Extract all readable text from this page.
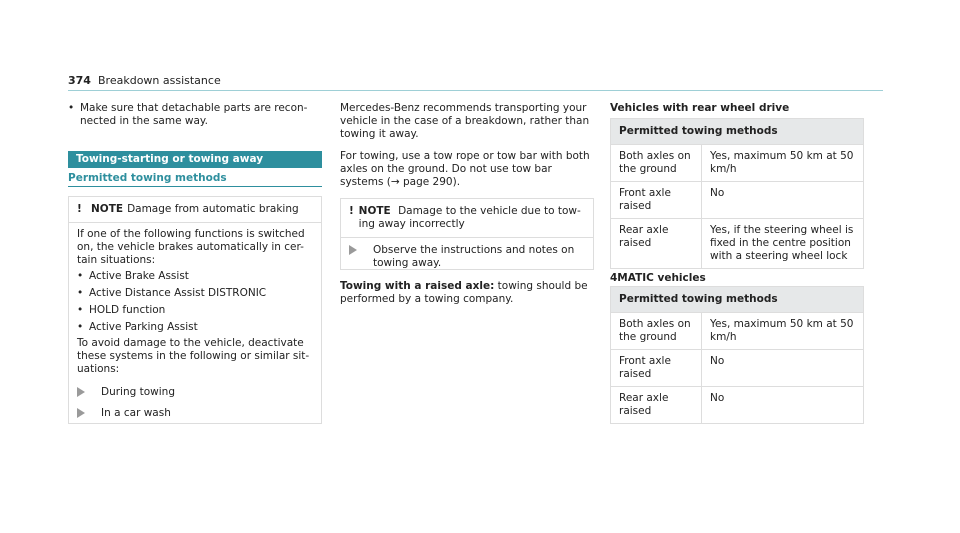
374 Breakdown assistance
• Make sure that detachable parts are recon-nected in the same way.
Towing-starting or towing away
Permitted towing methods
! NOTE Damage from automatic braking
If one of the following functions is switched on, the vehicle brakes automatically in cer-tain situations:
• Active Brake Assist
• Active Distance Assist DISTRONIC
• HOLD function
• Active Parking Assist
To avoid damage to the vehicle, deactivate these systems in the following or similar sit-uations:
During towing
In a car wash
Mercedes-Benz recommends transporting your vehicle in the case of a breakdown, rather than towing it away.
For towing, use a tow rope or tow bar with both axles on the ground. Do not use tow bar systems (→ page 290).
! NOTE Damage to the vehicle due to tow-ing away incorrectly
Observe the instructions and notes on towing away.
Towing with a raised axle: towing should be performed by a towing company.
Vehicles with rear wheel drive
Permitted towing methods	
Both axles on the ground	Yes, maximum 50 km at 50 km/h
Front axle raised	No
Rear axle raised	Yes, if the steering wheel is fixed in the centre position with a steering wheel lock
4MATIC vehicles
Permitted towing methods	
Both axles on the ground	Yes, maximum 50 km at 50 km/h
Front axle raised	No
Rear axle raised	No
